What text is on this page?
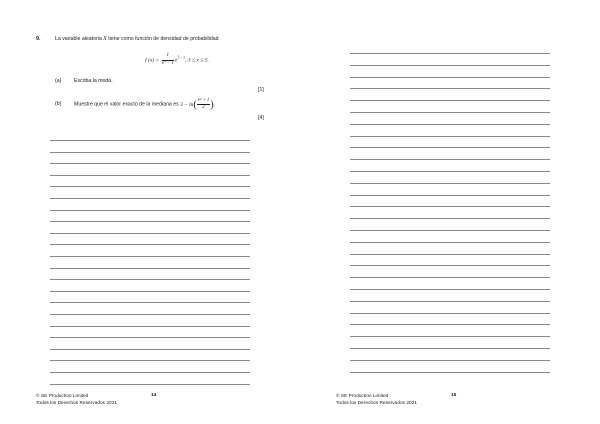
9.	La variable aleatoria X tiene como función de densidad de probabilidad
f $(x) = \frac{1}{\text{e³ − 1}} e^{3 - x}$, 3 ≤ x ≤ 5.
(a) Escriba la moda.
[1]
(b) Muestre que el valor exacto de la mediana es $3 - \ln( \frac{\text{e² + 1}}{2}$ ).
[4]
© SE Production Limited
Todos los Derechos Reservados 2021
14	© SE Production Limited
Todos los Derechos Reservados 2021
15
